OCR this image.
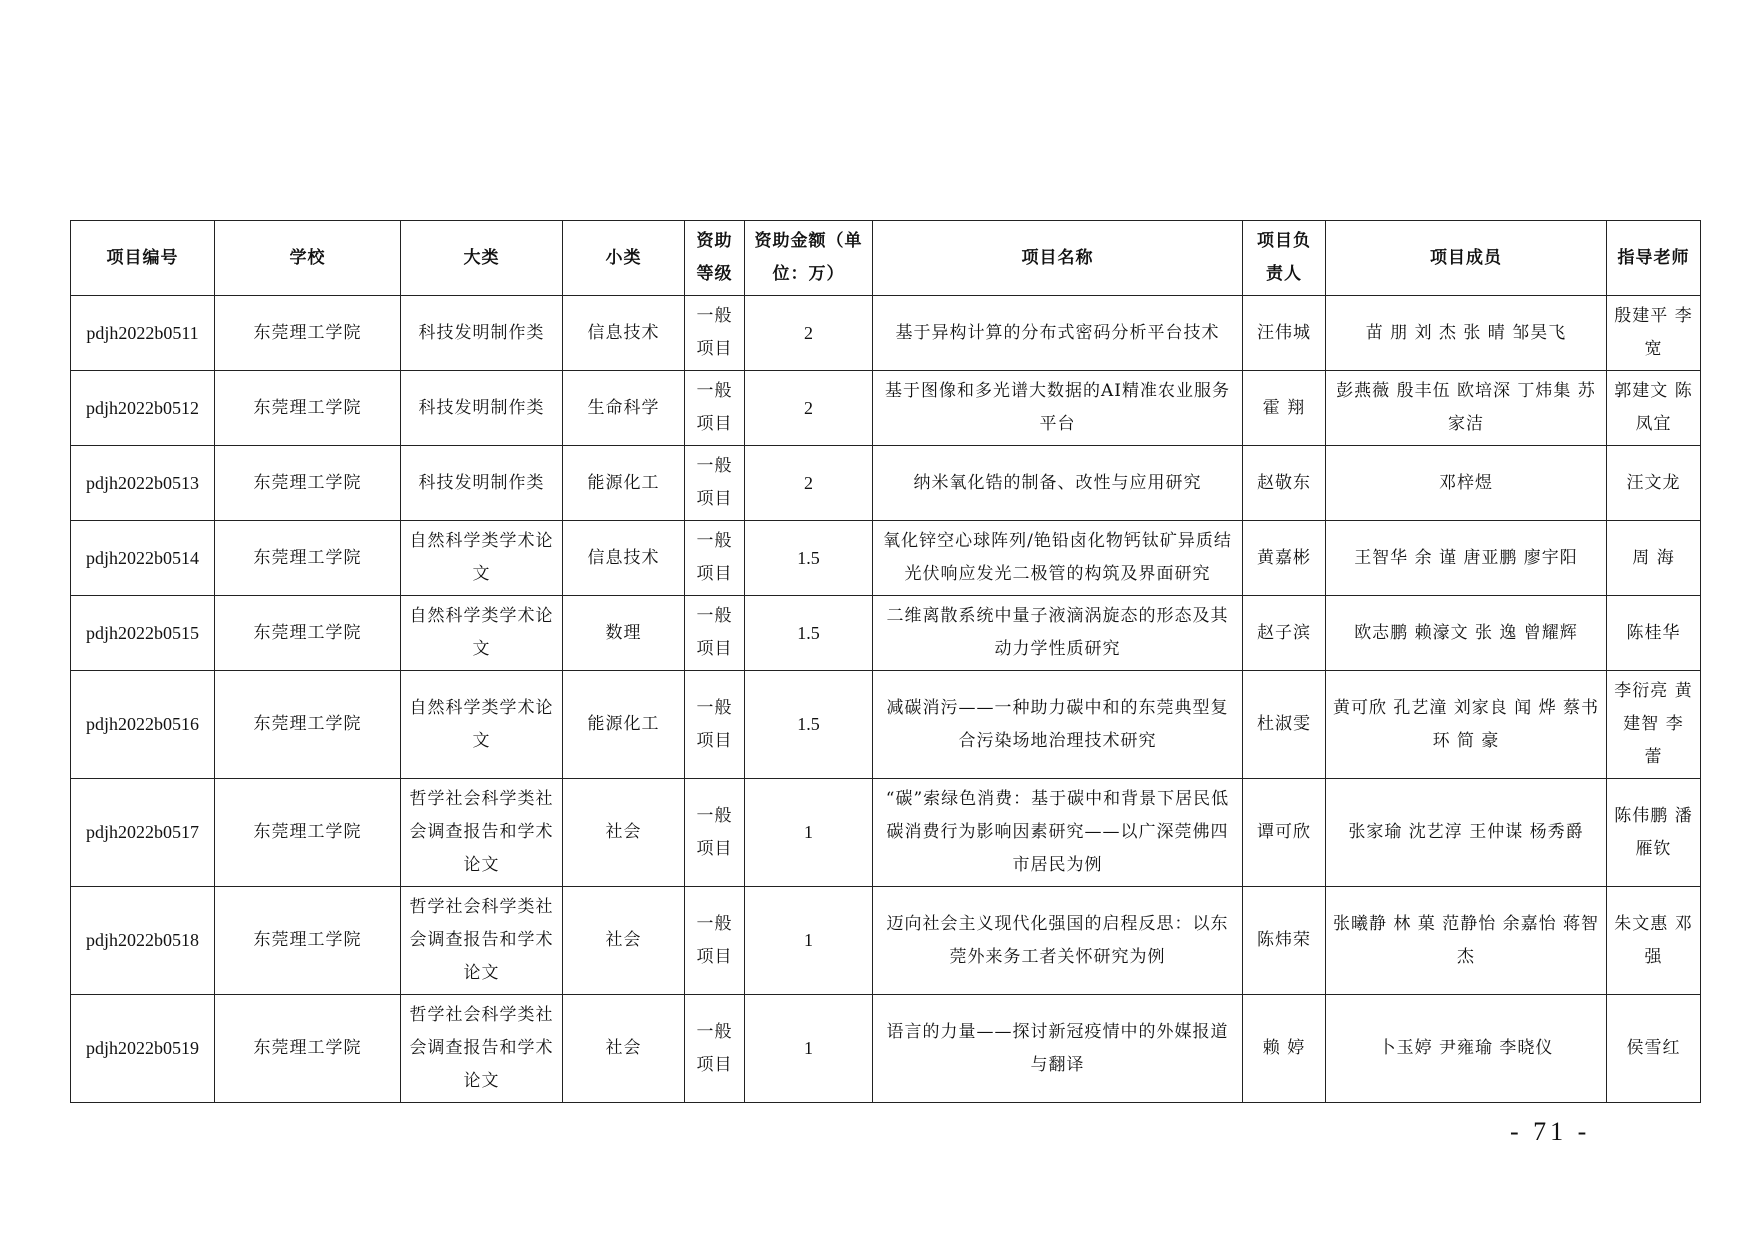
项目编号	学校	大类	小类	资助等级	资助金额（单位：万）	项目名称	项目负责人	项目成员	指导老师
pdjh2022b0511	东莞理工学院	科技发明制作类	信息技术	一般项目	2	基于异构计算的分布式密码分析平台技术	汪伟城	苗 朋 刘 杰 张 晴 邹昊飞	殷建平 李 宽
pdjh2022b0512	东莞理工学院	科技发明制作类	生命科学	一般项目	2	基于图像和多光谱大数据的AI精准农业服务平台	霍 翔	彭燕薇 殷丰伍 欧培深 丁炜集 苏家洁	郭建文 陈凤宜
pdjh2022b0513	东莞理工学院	科技发明制作类	能源化工	一般项目	2	纳米氧化锆的制备、改性与应用研究	赵敬东	邓梓煜	汪文龙
pdjh2022b0514	东莞理工学院	自然科学类学术论文	信息技术	一般项目	1.5	氧化锌空心球阵列/铯铅卤化物钙钛矿异质结光伏响应发光二极管的构筑及界面研究	黄嘉彬	王智华 余 谨 唐亚鹏 廖宇阳	周 海
pdjh2022b0515	东莞理工学院	自然科学类学术论文	数理	一般项目	1.5	二维离散系统中量子液滴涡旋态的形态及其动力学性质研究	赵子滨	欧志鹏 赖濠文 张 逸 曾耀辉	陈桂华
pdjh2022b0516	东莞理工学院	自然科学类学术论文	能源化工	一般项目	1.5	减碳消污——一种助力碳中和的东莞典型复合污染场地治理技术研究	杜淑雯	黄可欣 孔艺潼 刘家良 闻 烨 蔡书环 简 豪	李衍亮 黄建智 李 蕾
pdjh2022b0517	东莞理工学院	哲学社会科学类社会调查报告和学术论文	社会	一般项目	1	“碳”索绿色消费：基于碳中和背景下居民低碳消费行为影响因素研究——以广深莞佛四市居民为例	谭可欣	张家瑜 沈艺淳 王仲谋 杨秀爵	陈伟鹏 潘雁钦
pdjh2022b0518	东莞理工学院	哲学社会科学类社会调查报告和学术论文	社会	一般项目	1	迈向社会主义现代化强国的启程反思：以东莞外来务工者关怀研究为例	陈炜荣	张曦静 林 菓 范静怡 余嘉怡 蒋智杰	朱文惠 邓 强
pdjh2022b0519	东莞理工学院	哲学社会科学类社会调查报告和学术论文	社会	一般项目	1	语言的力量——探讨新冠疫情中的外媒报道与翻译	赖 婷	卜玉婷 尹雍瑜 李晓仪	侯雪红
- 71 -
